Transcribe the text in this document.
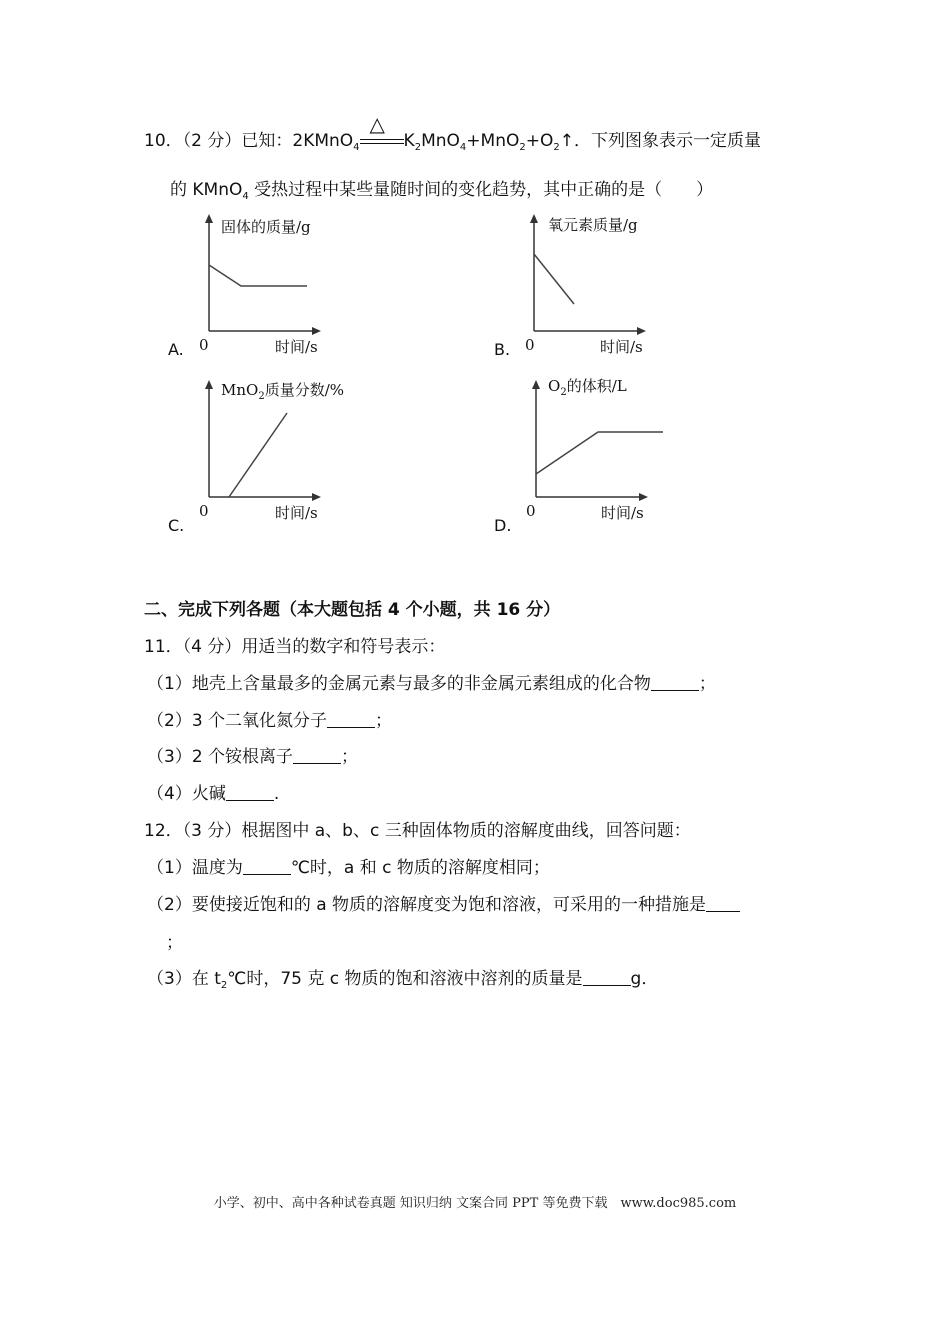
10．（2 分）已知：2KMnO$_4$
△
$K_2MnO_4+MnO_2+O_2↑$．下列图象表示一定质量
的 KMnO$_4$ 受热过程中某些量随时间的变化趋势，其中正确的是（　　）
固体的质量/g
0	时间/s
A.
氧元素质量/g
0	时间/s
B.
MnO$_2$质量分数/%
0	时间/s
C.
$O_2$的体积/L
0	时间/s
D.
二、完成下列各题（本大题包括 4 个小题，共 16 分）
11．（4 分）用适当的数字和符号表示：
（1）地壳上含量最多的金属元素与最多的非金属元素组成的化合物	；
（2）3 个二氧化氮分子	；
（3）2 个铵根离子	；
（4）火碱	.
12．（3 分）根据图中 a、b、c 三种固体物质的溶解度曲线，回答问题：
（1）温度为	℃时，a 和 c 物质的溶解度相同；
（2）要使接近饱和的 a 物质的溶解度变为饱和溶液，可采用的一种措施是
；
（3）在 $t_2℃$时，75 克 c 物质的饱和溶液中溶剂的质量是	g．
小学、初中、高中各种试卷真题 知识归纳 文案合同 PPT 等免费下载　www.doc985.com
